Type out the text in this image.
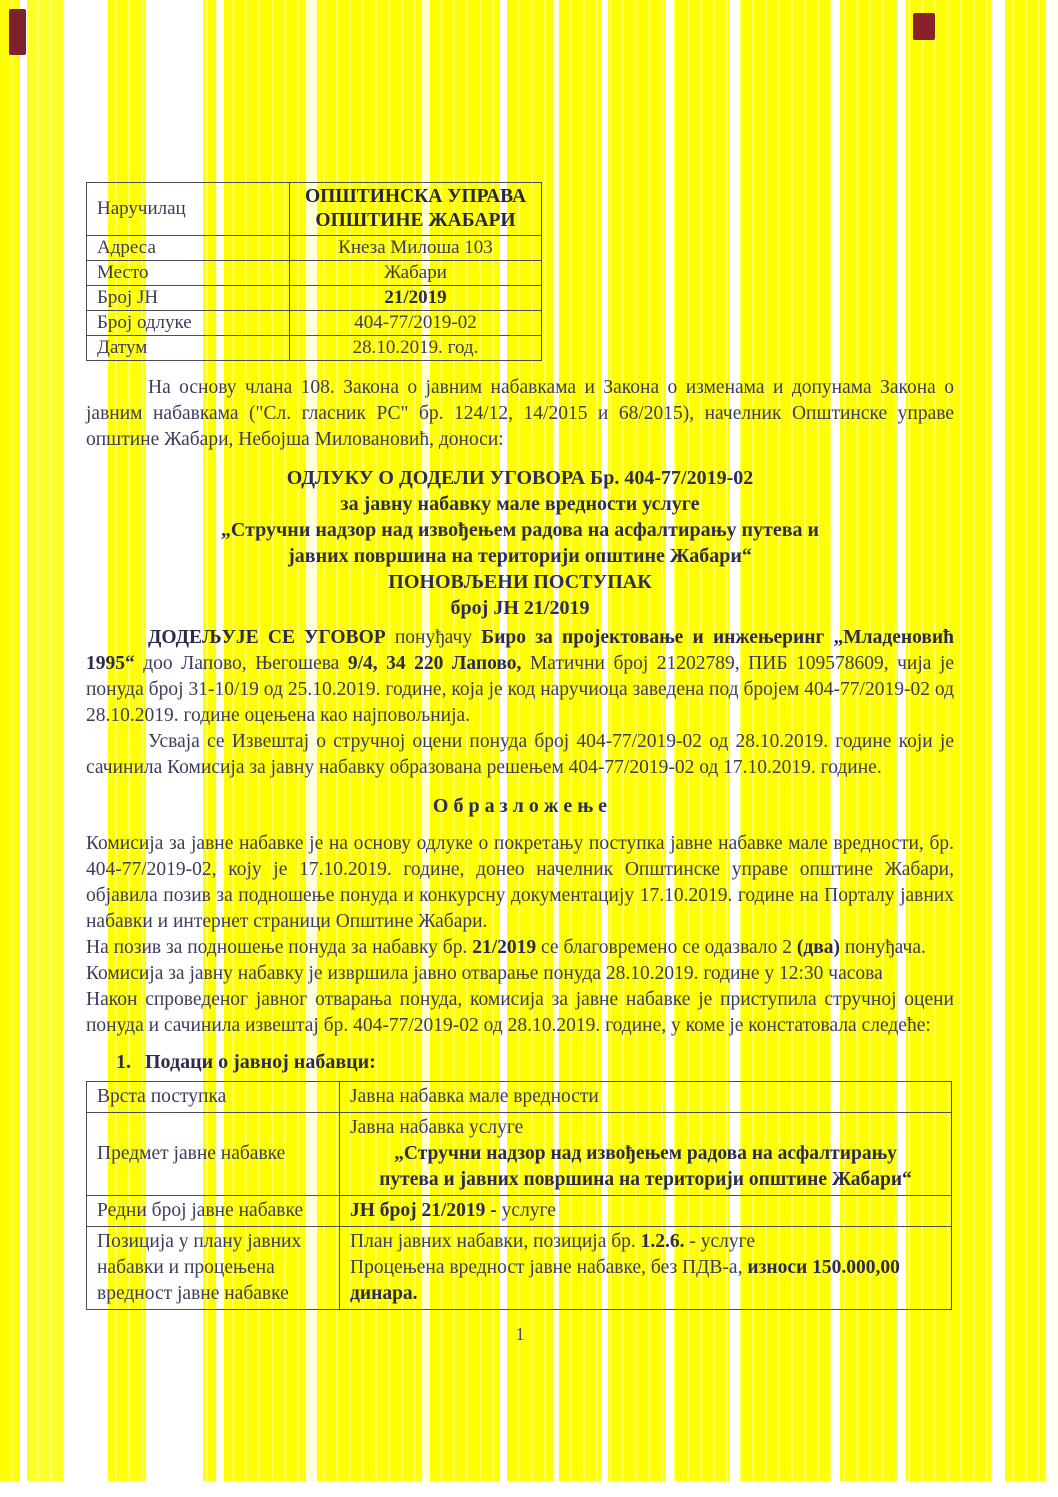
Наручилац	ОПШТИНСКА УПРАВА
ОПШТИНЕ ЖАБАРИ

Адреса	Кнеза Милоша 103
Место	Жабари
Број ЈН	21/2019
Број одлуке	404-77/2019-02
Датум	28.10.2019. год.

На основу члана 108. Закона о јавним набавкама и Закона о изменама и допунама Закона о јавним набавкама ("Сл. гласник РС" бр. 124/12, 14/2015 и 68/2015), начелник Општинске управе општине Жабари, Небојша Миловановић, доноси:

ОДЛУКУ О ДОДЕЛИ УГОВОРА Бр. 404-77/2019-02
за јавну набавку мале вредности услуге
„Стручни надзор над извођењем радова на асфалтирању путева и
јавних површина на територији општине Жабари“
ПОНОВЉЕНИ ПОСТУПАК
број ЈН 21/2019

ДОДЕЉУЈЕ СЕ УГОВОР понуђачу Биро за пројектовање и инжењеринг „Младеновић 1995“ доо Лапово, Његошева 9/4, 34 220 Лапово, Матични број 21202789, ПИБ 109578609, чија је понуда број 31-10/19 од 25.10.2019. године, која је код наручиоца заведена под бројем 404-77/2019-02 од 28.10.2019. године оцењена као најповољнија.

Усваја се Извештај о стручној оцени понуда број 404-77/2019-02 од 28.10.2019. године који је сачинила Комисија за јавну набавку образована решењем 404-77/2019-02 од 17.10.2019. године.

О б р а з л о ж е њ е

Комисија за јавне набавке је на основу одлуке о покретању поступка јавне набавке мале вредности, бр. 404-77/2019-02, коју је 17.10.2019. године, донео начелник Општинске управе општине Жабари, објавила позив за подношење понуда и конкурсну документацију 17.10.2019. године на Порталу јавних набавки и интернет страници Општине Жабари.

На позив за подношење понуда за набавку бр. 21/2019 се благовремено се одазвало 2 (два) понуђача.

Комисија за јавну набавку је извршила јавно отварање понуда 28.10.2019. године у 12:30 часова

Након спроведеног јавног отварања понуда, комисија за јавне набавке је приступила стручној оцени понуда и сачинила извештај бр. 404-77/2019-02 од 28.10.2019. године, у коме је констатовала следеће:

1. Подаци о јавној набавци:
Врста поступка	Јавна набавка мале вредности
Предмет јавне набавке	Јавна набавка услуге
„Стручни надзор над извођењем радова на асфалтирању
путева и јавних површина на територији општине Жабари“

Редни број јавне набавке	ЈН број 21/2019 - услуге
Позиција у плану јавних набавки и процењена вредност јавне набавке	План јавних набавки, позиција бр. 1.2.6. - услуге
Процењена вредност јавне набавке, без ПДВ-а, износи 150.000,00 динара.
1
